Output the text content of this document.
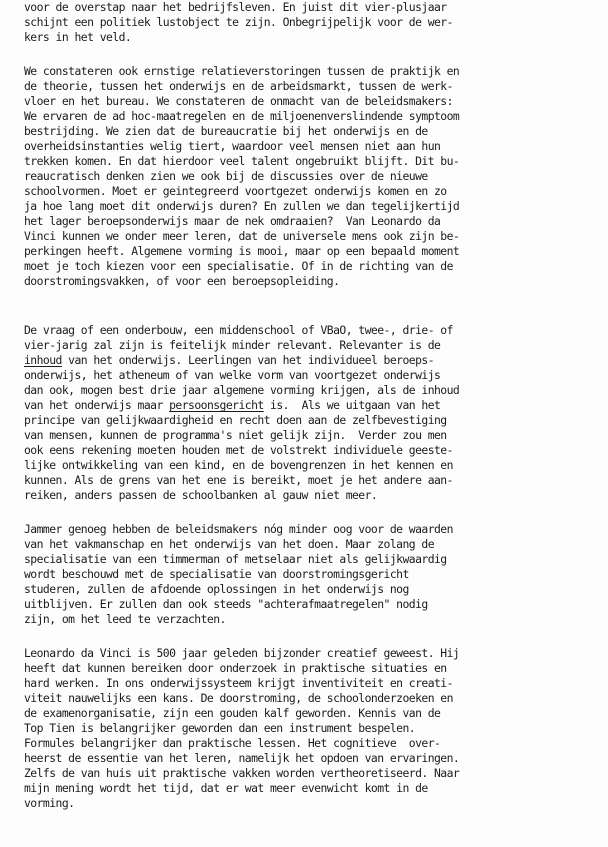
voor de overstap naar het bedrijfsleven. En juist dit vier-plusjaar
schijnt een politiek lustobject te zijn. Onbegrijpelijk voor de wer-
kers in het veld.
We constateren ook ernstige relatieverstoringen tussen de praktijk en
de theorie, tussen het onderwijs en de arbeidsmarkt, tussen de werk-
vloer en het bureau. We constateren de onmacht van de beleidsmakers:
We ervaren de ad hoc-maatregelen en de miljoenenverslindende symptoom
bestrijding. We zien dat de bureaucratie bij het onderwijs en de
overheidsinstanties welig tiert, waardoor veel mensen niet aan hun
trekken komen. En dat hierdoor veel talent ongebruikt blijft. Dit bu-
reaucratisch denken zien we ook bij de discussies over de nieuwe
schoolvormen. Moet er geintegreerd voortgezet onderwijs komen en zo
ja hoe lang moet dit onderwijs duren? En zullen we dan tegelijkertijd
het lager beroepsonderwijs maar de nek omdraaien?  Van Leonardo da
Vinci kunnen we onder meer leren, dat de universele mens ook zijn be-
perkingen heeft. Algemene vorming is mooi, maar op een bepaald moment
moet je toch kiezen voor een specialisatie. Of in de richting van de
doorstromingsvakken, of voor een beroepsopleiding.
De vraag of een onderbouw, een middenschool of VBaO, twee-, drie- of
vier-jarig zal zijn is feitelijk minder relevant. Relevanter is de
inhoud van het onderwijs. Leerlingen van het individueel beroeps-
onderwijs, het atheneum of van welke vorm van voortgezet onderwijs
dan ook, mogen best drie jaar algemene vorming krijgen, als de inhoud
van het onderwijs maar persoonsgericht is.  Als we uitgaan van het
principe van gelijkwaardigheid en recht doen aan de zelfbevestiging
van mensen, kunnen de programma's niet gelijk zijn.  Verder zou men
ook eens rekening moeten houden met de volstrekt individuele geeste-
lijke ontwikkeling van een kind, en de bovengrenzen in het kennen en
kunnen. Als de grens van het ene is bereikt, moet je het andere aan-
reiken, anders passen de schoolbanken al gauw niet meer.
Jammer genoeg hebben de beleidsmakers nóg minder oog voor de waarden
van het vakmanschap en het onderwijs van het doen. Maar zolang de
specialisatie van een timmerman of metselaar niet als gelijkwaardig
wordt beschouwd met de specialisatie van doorstromingsgericht
studeren, zullen de afdoende oplossingen in het onderwijs nog
uitblijven. Er zullen dan ook steeds "achterafmaatregelen" nodig
zijn, om het leed te verzachten.
Leonardo da Vinci is 500 jaar geleden bijzonder creatief geweest. Hij
heeft dat kunnen bereiken door onderzoek in praktische situaties en
hard werken. In ons onderwijssysteem krijgt inventiviteit en creati-
viteit nauwelijks een kans. De doorstroming, de schoolonderzoeken en
de examenorganisatie, zijn een gouden kalf geworden. Kennis van de
Top Tien is belangrijker geworden dan een instrument bespelen.
Formules belangrijker dan praktische lessen. Het cognitieve  over-
heerst de essentie van het leren, namelijk het opdoen van ervaringen.
Zelfs de van huis uit praktische vakken worden vertheoretiseerd. Naar
mijn mening wordt het tijd, dat er wat meer evenwicht komt in de
vorming.
